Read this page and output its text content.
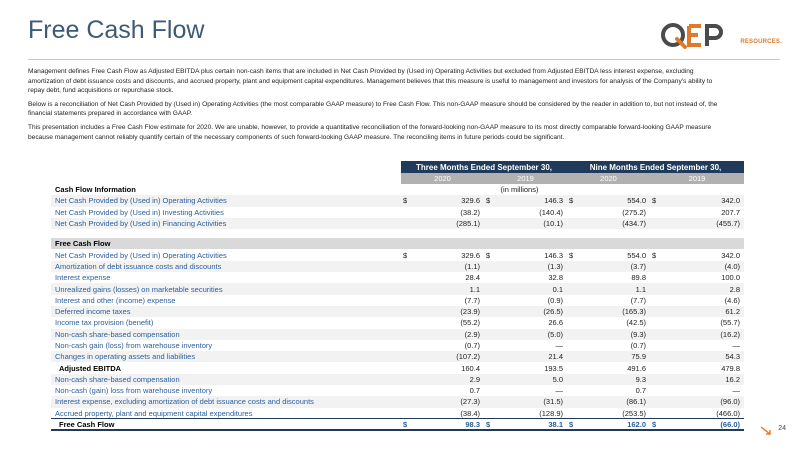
Free Cash Flow	RESOURCES.

Management defines Free Cash Flow as Adjusted EBITDA plus certain non-cash items that are included in Net Cash Provided by (Used in) Operating Activities but excluded from Adjusted EBITDA less interest expense, excluding amortization of debt issuance costs and discounts, and accrued property, plant and equipment capital expenditures. Management believes that this measure is useful to management and investors for analysis of the Company's ability to repay debt, fund acquisitions or repurchase stock.

Below is a reconciliation of Net Cash Provided by (Used in) Operating Activities (the most comparable GAAP measure) to Free Cash Flow. This non-GAAP measure should be considered by the reader in addition to, but not instead of, the financial statements prepared in accordance with GAAP.

This presentation includes a Free Cash Flow estimate for 2020. We are unable, however, to provide a quantitative reconciliation of the forward-looking non-GAAP measure to its most directly comparable forward-looking GAAP measure because management cannot reliably quantify certain of the necessary components of such forward-looking GAAP measure. The reconciling items in future periods could be significant.

	Three Months Ended September 30,				Nine Months Ended September 30,			
	2020		2019		2020		2019	
Cash Flow Information	(in millions)							
Net Cash Provided by (Used in) Operating Activities	$	329.6	$	146.3	$	554.0	$	342.0
Net Cash Provided by (Used in) Investing Activities		(38.2)		(140.4)		(275.2)		207.7
Net Cash Provided by (Used in) Financing Activities		(285.1)		(10.1)		(434.7)		(455.7)

Free Cash Flow								
Net Cash Provided by (Used in) Operating Activities	$	329.6	$	146.3	$	554.0	$	342.0
Amortization of debt issuance costs and discounts		(1.1)		(1.3)		(3.7)		(4.0)
Interest expense		28.4		32.8		89.8		100.0
Unrealized gains (losses) on marketable securities		1.1		0.1		1.1		2.8
Interest and other (income) expense		(7.7)		(0.9)		(7.7)		(4.6)
Deferred income taxes		(23.9)		(26.5)		(165.3)		61.2
Income tax provision (benefit)		(55.2)		26.6		(42.5)		(55.7)
Non-cash share-based compensation		(2.9)		(5.0)		(9.3)		(16.2)
Non-cash gain (loss) from warehouse inventory		(0.7)		—		(0.7)		—
Changes in operating assets and liabilities		(107.2)		21.4		75.9		54.3
Adjusted EBITDA		160.4		193.5		491.6		479.8
Non-cash share-based compensation		2.9		5.0		9.3		16.2
Non-cash (gain) loss from warehouse inventory		0.7		—		0.7		—
Interest expense, excluding amortization of debt issuance costs and discounts		(27.3)		(31.5)		(86.1)		(96.0)
Accrued property, plant and equipment capital expenditures		(38.4)		(128.9)		(253.5)		(466.0)
Free Cash Flow	$	98.3	$	38.1	$	162.0	$	(66.0)	24
